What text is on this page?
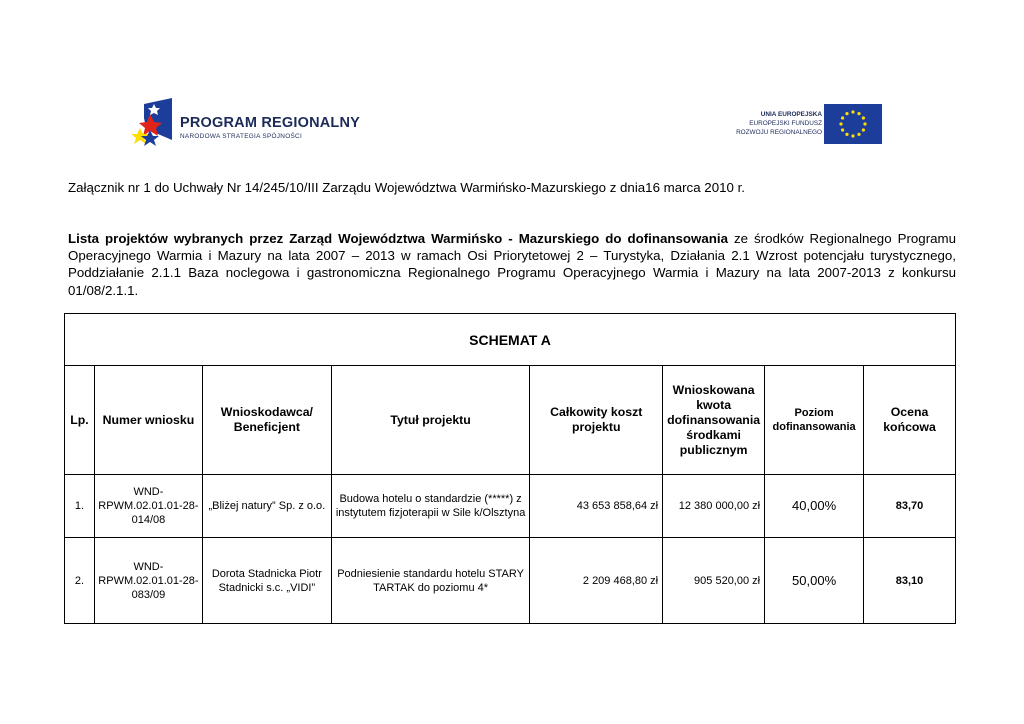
PROGRAM REGIONALNY
NARODOWA STRATEGIA SPÓJNOŚCI
UNIA EUROPEJSKA
EUROPEJSKI FUNDUSZ
ROZWOJU REGIONALNEGO
Załącznik nr 1 do Uchwały Nr 14/245/10/III Zarządu Województwa Warmińsko-Mazurskiego z dnia16 marca 2010 r.
Lista projektów wybranych przez Zarząd Województwa Warmińsko - Mazurskiego do dofinansowania ze środków Regionalnego Programu Operacyjnego Warmia i Mazury na lata 2007 – 2013 w ramach Osi Priorytetowej 2 – Turystyka, Działania 2.1 Wzrost potencjału turystycznego, Poddziałanie 2.1.1 Baza noclegowa i gastronomiczna Regionalnego Programu Operacyjnego Warmia i Mazury na lata 2007-2013 z konkursu 01/08/2.1.1.
SCHEMAT A							
Lp.	Numer wniosku	Wnioskodawca/ Beneficjent	Tytuł projektu	Całkowity koszt projektu	Wnioskowana kwota dofinansowania środkami publicznym	Poziom dofinansowania	Ocena końcowa
1.	WND-RPWM.02.01.01-28-014/08	„Bliżej natury” Sp. z o.o.	Budowa hotelu o standardzie (*****) z instytutem fizjoterapii w Sile k/Olsztyna	43 653 858,64 zł	12 380 000,00 zł	40,00%	83,70
2.	WND-RPWM.02.01.01-28-083/09	Dorota Stadnicka Piotr Stadnicki s.c. „VIDI”	Podniesienie standardu hotelu STARY TARTAK do poziomu 4*	2 209 468,80 zł	905 520,00 zł	50,00%	83,10
